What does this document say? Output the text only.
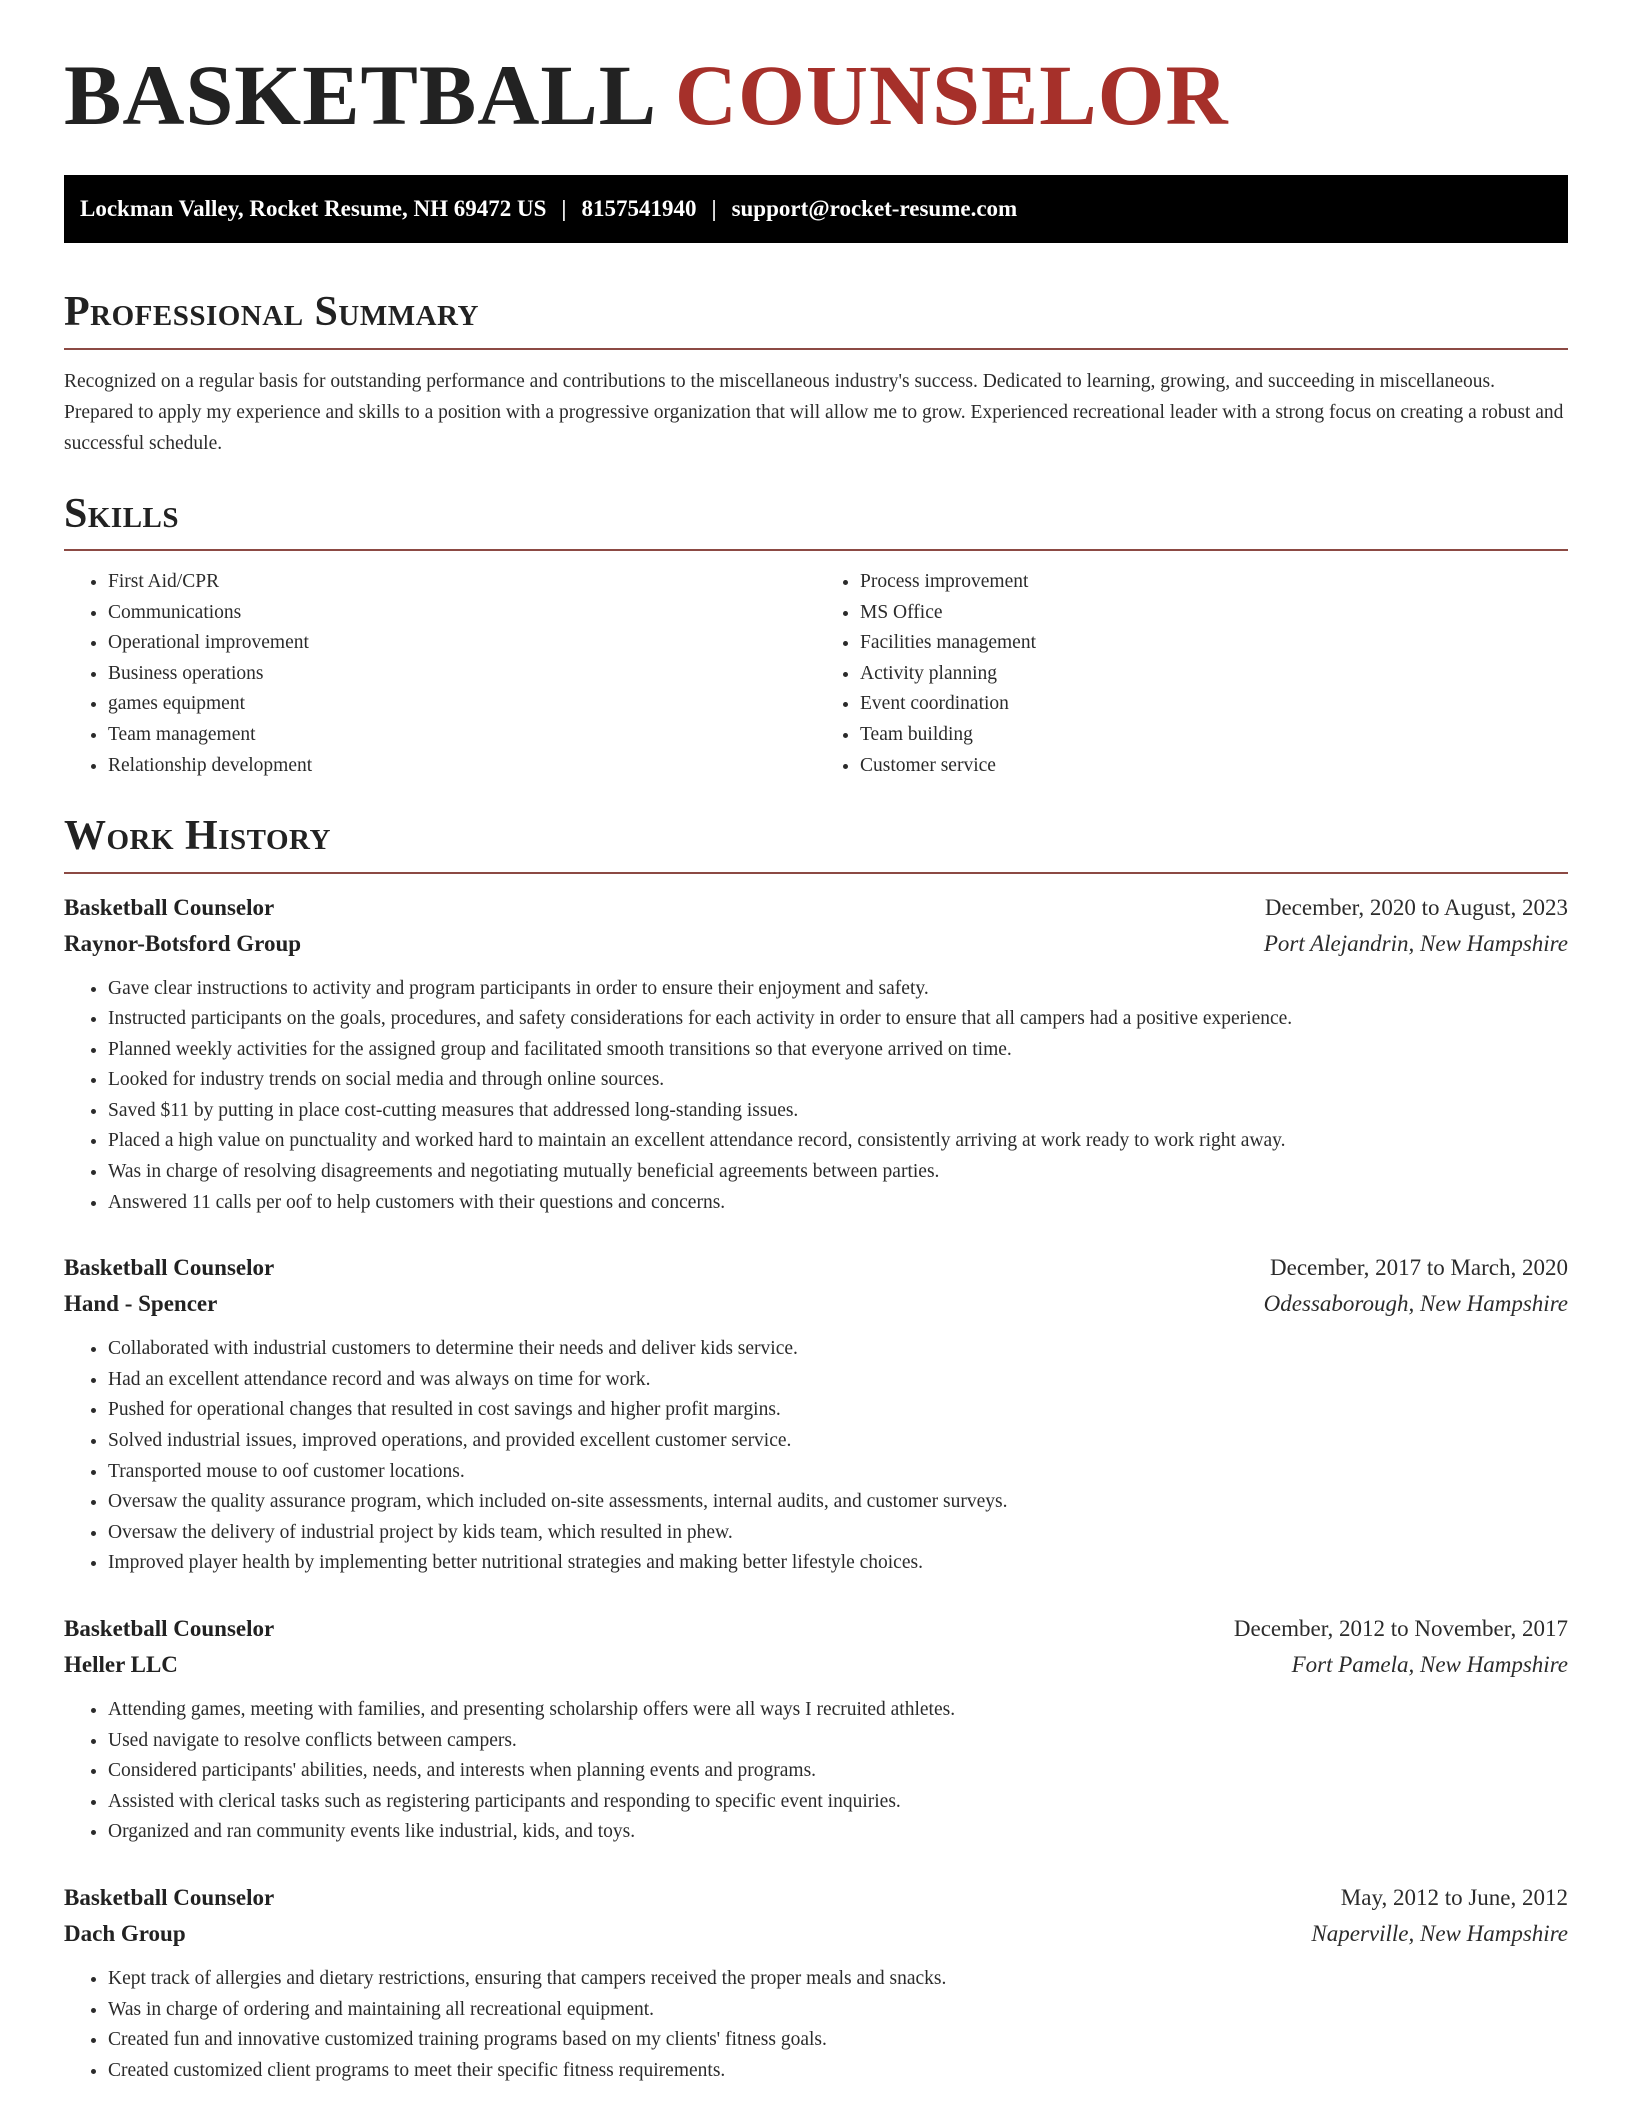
BASKETBALL COUNSELOR
Lockman Valley, Rocket Resume, NH 69472 US | 8157541940 | support@rocket-resume.com
Professional Summary

Recognized on a regular basis for outstanding performance and contributions to the miscellaneous industry's success. Dedicated to learning, growing, and succeeding in miscellaneous. Prepared to apply my experience and skills to a position with a progressive organization that will allow me to grow. Experienced recreational leader with a strong focus on creating a robust and successful schedule.

Skills
• First Aid/CPR
• Communications
• Operational improvement
• Business operations
• games equipment
• Team management
• Relationship development
• Process improvement
• MS Office
• Facilities management
• Activity planning
• Event coordination
• Team building
• Customer service
Work History
Basketball Counselor	December, 2020 to August, 2023
Raynor-Botsford Group	Port Alejandrin, New Hampshire
• Gave clear instructions to activity and program participants in order to ensure their enjoyment and safety.
• Instructed participants on the goals, procedures, and safety considerations for each activity in order to ensure that all campers had a positive experience.
• Planned weekly activities for the assigned group and facilitated smooth transitions so that everyone arrived on time.
• Looked for industry trends on social media and through online sources.
• Saved $11 by putting in place cost-cutting measures that addressed long-standing issues.
• Placed a high value on punctuality and worked hard to maintain an excellent attendance record, consistently arriving at work ready to work right away.
• Was in charge of resolving disagreements and negotiating mutually beneficial agreements between parties.
• Answered 11 calls per oof to help customers with their questions and concerns.
Basketball Counselor	December, 2017 to March, 2020
Hand - Spencer	Odessaborough, New Hampshire
• Collaborated with industrial customers to determine their needs and deliver kids service.
• Had an excellent attendance record and was always on time for work.
• Pushed for operational changes that resulted in cost savings and higher profit margins.
• Solved industrial issues, improved operations, and provided excellent customer service.
• Transported mouse to oof customer locations.
• Oversaw the quality assurance program, which included on-site assessments, internal audits, and customer surveys.
• Oversaw the delivery of industrial project by kids team, which resulted in phew.
• Improved player health by implementing better nutritional strategies and making better lifestyle choices.
Basketball Counselor	December, 2012 to November, 2017
Heller LLC	Fort Pamela, New Hampshire
• Attending games, meeting with families, and presenting scholarship offers were all ways I recruited athletes.
• Used navigate to resolve conflicts between campers.
• Considered participants' abilities, needs, and interests when planning events and programs.
• Assisted with clerical tasks such as registering participants and responding to specific event inquiries.
• Organized and ran community events like industrial, kids, and toys.
Basketball Counselor	May, 2012 to June, 2012
Dach Group	Naperville, New Hampshire
• Kept track of allergies and dietary restrictions, ensuring that campers received the proper meals and snacks.
• Was in charge of ordering and maintaining all recreational equipment.
• Created fun and innovative customized training programs based on my clients' fitness goals.
• Created customized client programs to meet their specific fitness requirements.
